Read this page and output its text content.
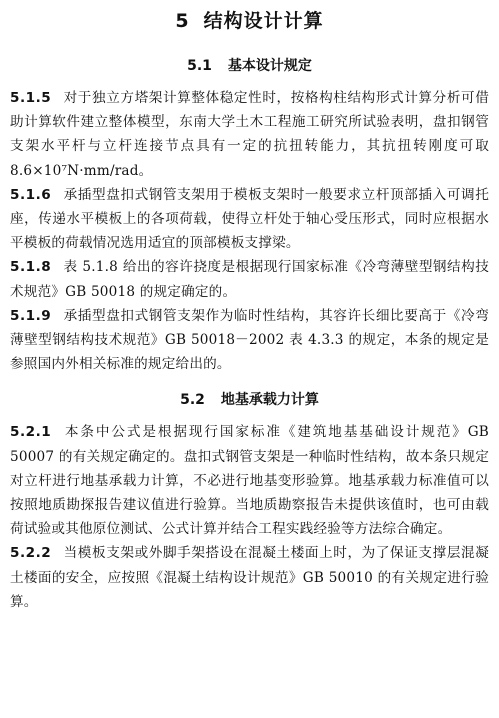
5 结构设计计算
5.1 基本设计规定

5.1.5 对于独立方塔架计算整体稳定性时，按格构柱结构形式计算分析可借助计算软件建立整体模型，东南大学土木工程施工研究所试验表明，盘扣钢管支架水平杆与立杆连接节点具有一定的抗扭转能力，其抗扭转刚度可取 8.6×10⁷N·mm/rad。

5.1.6 承插型盘扣式钢管支架用于模板支架时一般要求立杆顶部插入可调托座，传递水平模板上的各项荷载，使得立杆处于轴心受压形式，同时应根据水平模板的荷载情况选用适宜的顶部模板支撑梁。

5.1.8 表 5.1.8 给出的容许挠度是根据现行国家标准《冷弯薄壁型钢结构技术规范》GB 50018 的规定确定的。

5.1.9 承插型盘扣式钢管支架作为临时性结构，其容许长细比要高于《冷弯薄壁型钢结构技术规范》GB 50018－2002 表 4.3.3 的规定，本条的规定是参照国内外相关标准的规定给出的。

5.2 地基承载力计算

5.2.1 本条中公式是根据现行国家标准《建筑地基基础设计规范》GB 50007 的有关规定确定的。盘扣式钢管支架是一种临时性结构，故本条只规定对立杆进行地基承载力计算，不必进行地基变形验算。地基承载力标准值可以按照地质勘探报告建议值进行验算。当地质勘察报告未提供该值时，也可由载荷试验或其他原位测试、公式计算并结合工程实践经验等方法综合确定。

5.2.2 当模板支架或外脚手架搭设在混凝土楼面上时，为了保证支撑层混凝土楼面的安全，应按照《混凝土结构设计规范》GB 50010 的有关规定进行验算。
